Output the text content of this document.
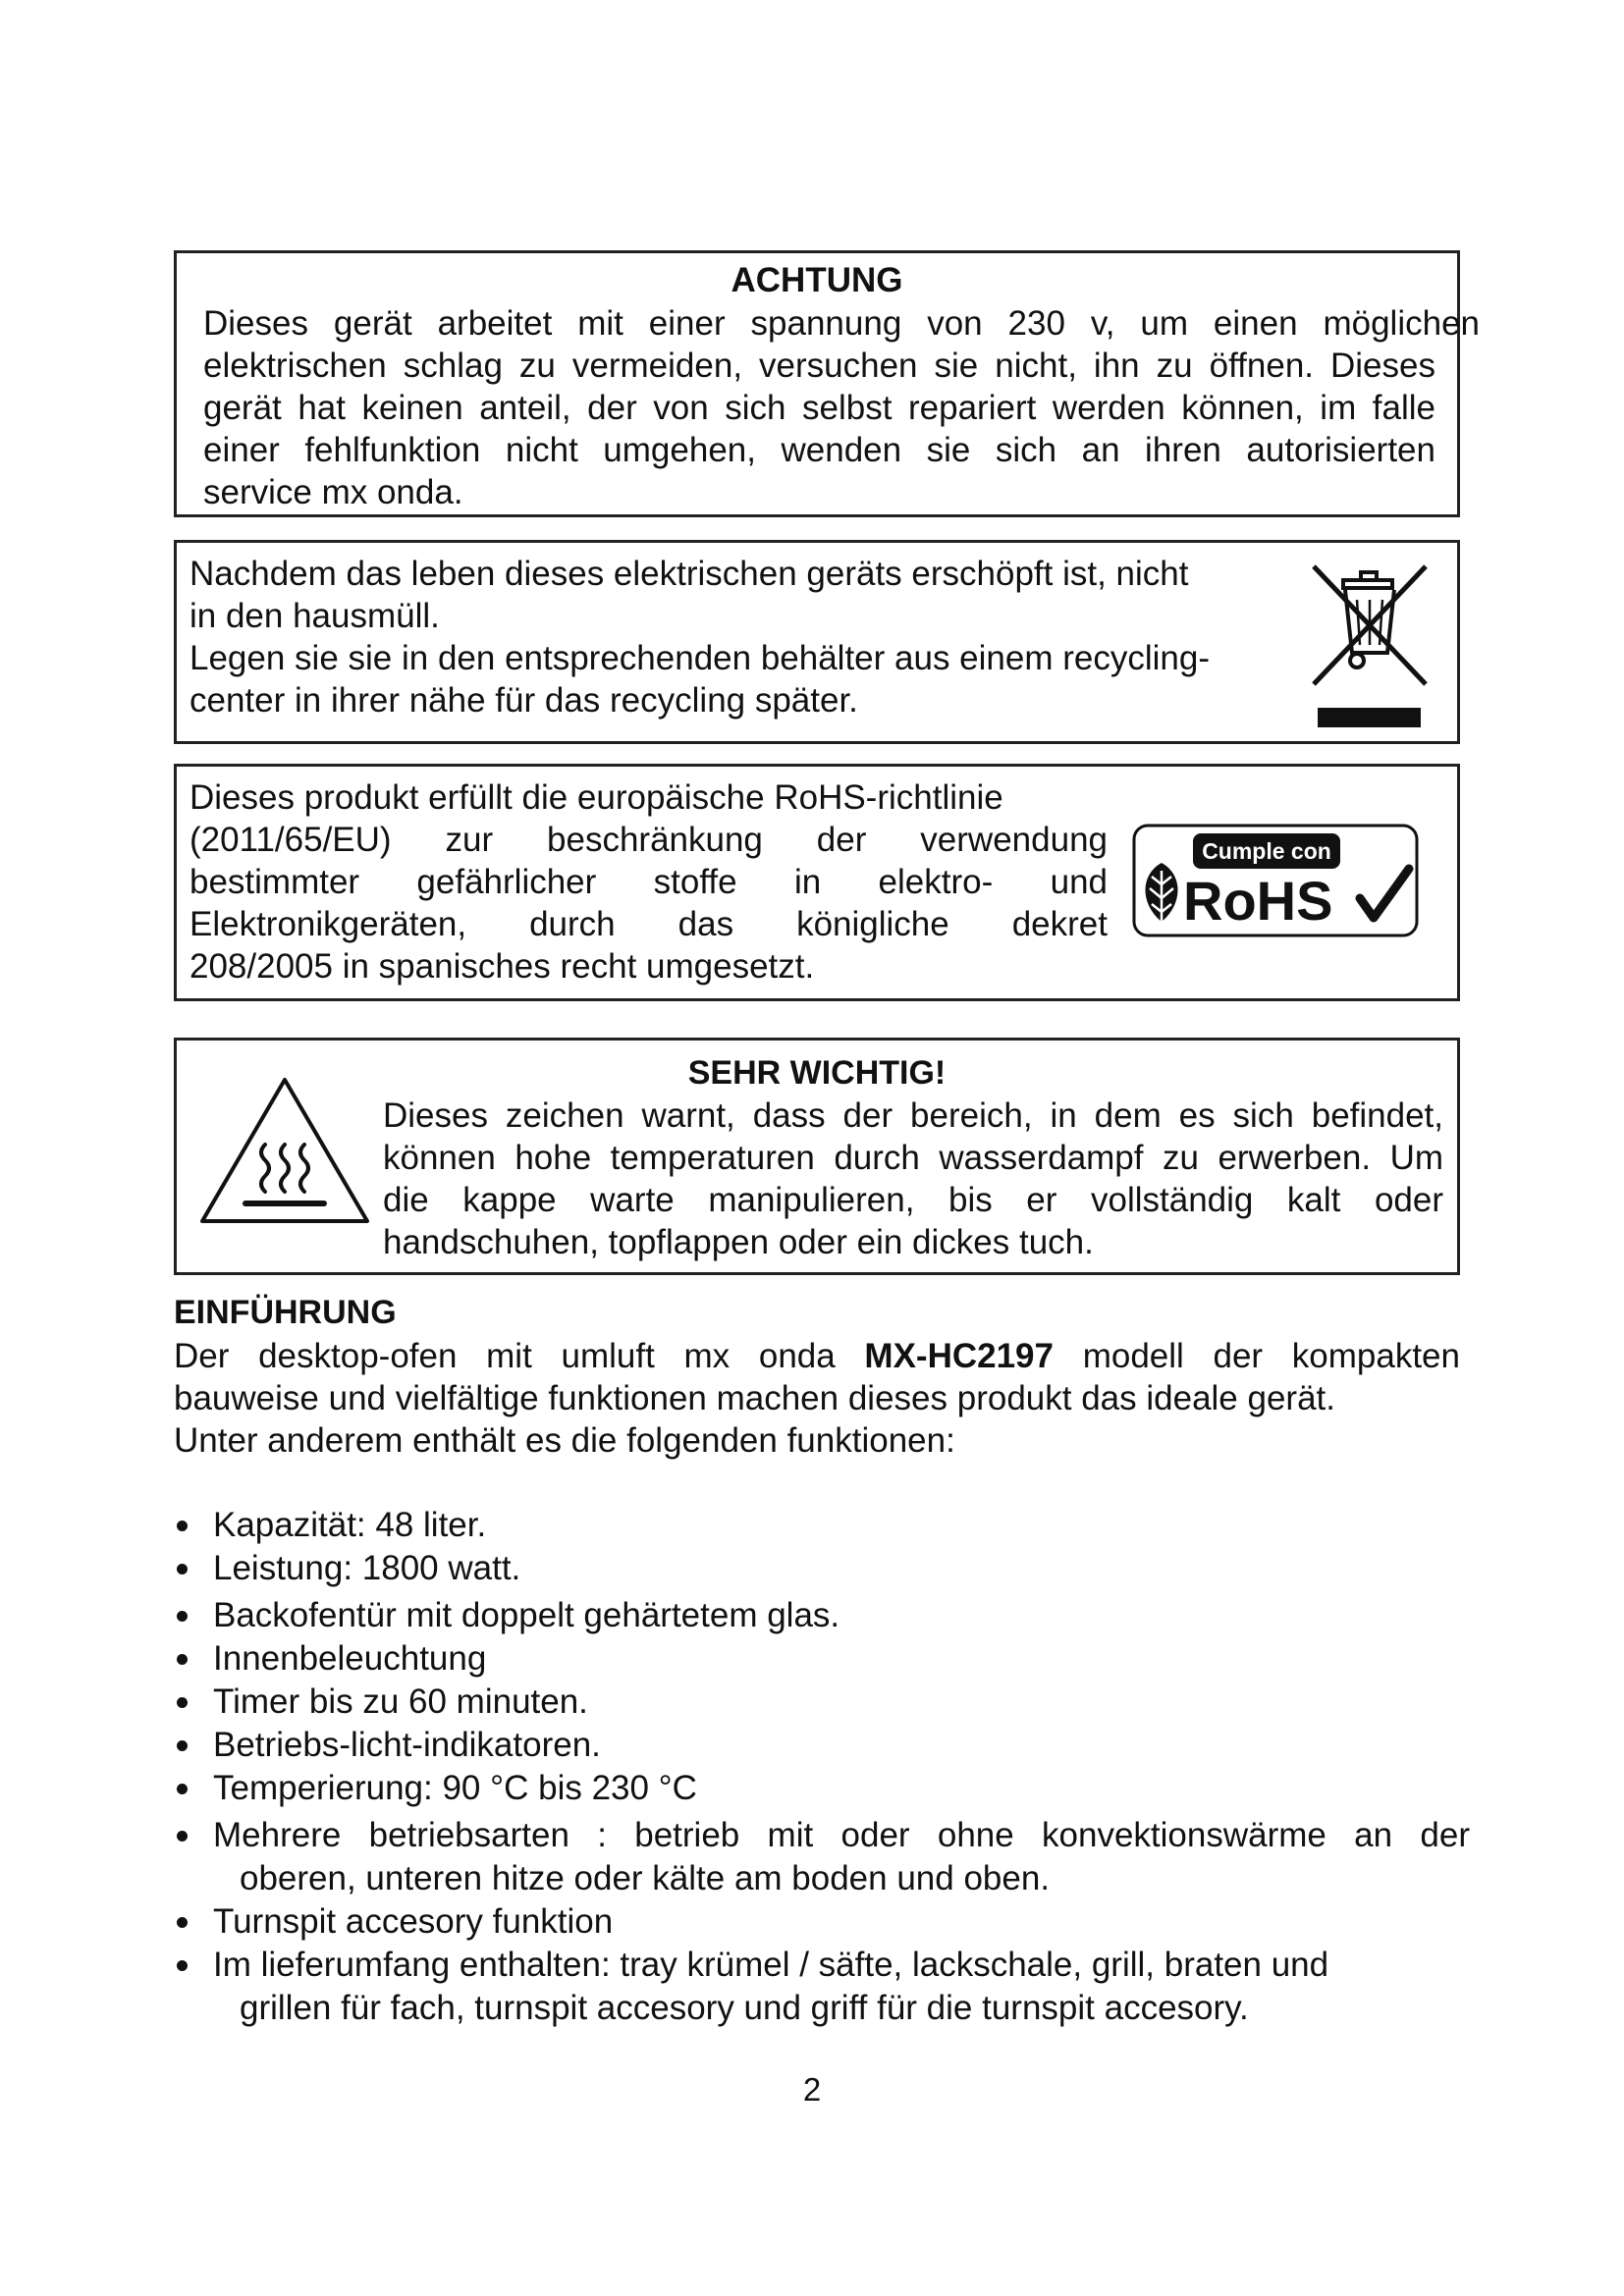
ACHTUNG
Dieses gerät arbeitet mit einer spannung von 230 v, um einen möglichen
elektrischen schlag zu vermeiden, versuchen sie nicht, ihn zu öffnen. Dieses
gerät hat keinen anteil, der von sich selbst repariert werden können, im falle
einer fehlfunktion nicht umgehen, wenden sie sich an ihren autorisierten
service mx onda.
Nachdem das leben dieses elektrischen geräts erschöpft ist, nicht
in den hausmüll.
Legen sie sie in den entsprechenden behälter aus einem recycling-
center in ihrer nähe für das recycling später.
Dieses produkt erfüllt die europäische RoHS-richtlinie

(2011/65/EU) zur beschränkung der verwendung
bestimmter gefährlicher stoffe in elektro- und
Elektronikgeräten, durch das königliche dekret
208/2005 in spanisches recht umgesetzt.
Cumple con
RoHS
SEHR WICHTIG!
Dieses zeichen warnt, dass der bereich, in dem es sich befindet,
können hohe temperaturen durch wasserdampf zu erwerben. Um
die kappe warte manipulieren, bis er vollständig kalt oder
handschuhen, topflappen oder ein dickes tuch.
EINFÜHRUNG
Der desktop-ofen mit umluft mx onda MX-HC2197 modell der kompakten
bauweise und vielfältige funktionen machen dieses produkt das ideale gerät.
Unter anderem enthält es die folgenden funktionen:
Kapazität: 48 liter.
Leistung: 1800 watt.
Backofentür mit doppelt gehärtetem glas.
Innenbeleuchtung
Timer bis zu 60 minuten.
Betriebs-licht-indikatoren.
Temperierung: 90 °C bis 230 °C
Mehrere betriebsarten : betrieb mit oder ohne konvektionswärme an der
oberen, unteren hitze oder kälte am boden und oben.
Turnspit accesory funktion
Im lieferumfang enthalten: tray krümel / säfte, lackschale, grill, braten und
grillen für fach, turnspit accesory und griff für die turnspit accesory.
2
